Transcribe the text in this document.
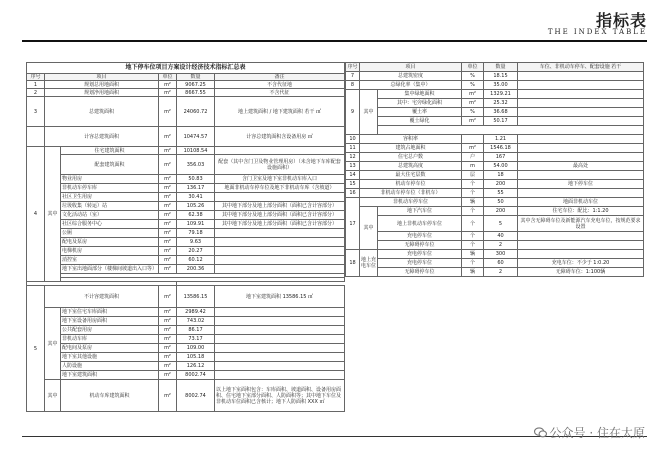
指标表
THE INDEX TABLE
地下停车位项目方案设计经济技术指标汇总表					
序号	项目		单位	数量	备注
1	规划总用地面积		m²	9067.25	不含代征地
2	规划净用地面积		m²	8667.55	不含代征
3	总建筑面积		m²	24060.72	地上建筑面积 / 地下建筑面积 若干 ㎡
	计容总建筑面积		m²	10474.57	计容总建筑面积含设备用房 ㎡
4	其中	住宅建筑面积	m²	10108.54	
		配套建筑面积	m²	356.03	配套（其中含门卫及物业管理用房）（未含地下车库配套设施面积）
		物业用房	m²	50.83	含门卫室及地下室非机动车库入口
		非机动车停车库	m²	136.17	地面非机动车停车位及地下非机动车库（含坡道）
		社区卫生用房	m²	30.41	
		垃圾收集（转运）站	m²	105.26	其中地下部分及地上部分面积（面积已含计容部分）
		文化活动站（室）	m²	62.38	其中地下部分及地上部分面积（面积已含计容部分）
		社区综合服务中心	m²	109.91	其中地下部分及地上部分面积（面积已含计容部分）
		公厕	m²	79.18	
		配电及泵房	m²	9.63	
		电梯机房	m²	20.27	
		消控室	m²	60.12	
		地下室出地面部分（楼梯间坡道出入口等）	m²	200.36	

5	不计容建筑面积		m²	13586.15	地下室建筑面积 13586.15 ㎡
	其中	地下室住宅车库面积	m²	2989.42	
		地下室设备用房面积	m²	743.02	
		公共配套用房	m²	86.17	
		非机动车库	m²	73.17	
		配电间及泵房	m²	109.00	
		地下室其他设施	m²	105.18	
		人防设施	m²	126.12	
		地下室建筑面积	m²	8002.74	
	其中	机动车库建筑面积	m²	8002.74	以上地下室面积包含：车库面积、坡道面积、设备用房面积、住宅地下室部分面积、人防面积等；其中地下车位及非机动车位面积已含核计；地下人防面积 XXX ㎡
序号	项目		单位	数量	车位、非机动车停车、配套设施 若干
7	总建筑密度		%	18.15	
8	总绿化率（集中）		%	35.00	
9	其中	集中绿地面积	m²	1329.21	
		其中：宅旁绿化面积	m²	25.32	
		覆土率	%	36.68	
		覆土绿化	m²	50.17	

10	容积率			1.21	
11	建筑占地面积		m²	1546.18	
12	住宅总户数		户	167	
13	总建筑高度		m	54.00	最高处
14	最大住宅层数		层	18	
15	机动车停车位		个	200	地下停车位
16	非机动车停车位（非机车）		个	55	
17	非机动车停车位		辆	50	地面非机动车位
	其中	地下汽车位	个	200	住宅车位：配比：1:1.20
		地上非机动车停车位	个	5	其中含无障碍车位及新能源汽车充电车位，按规范要求设置
		充电停车位	个	40	
		无障碍停车位	个	2	
18	地上充电车位	充电停车位	辆	300	
		充电停车位	个	60	充电车位：不少于 1:0.20
		无障碍停车位	辆	2	无障碍车位：1:100辆
公众号 · 住在太原
